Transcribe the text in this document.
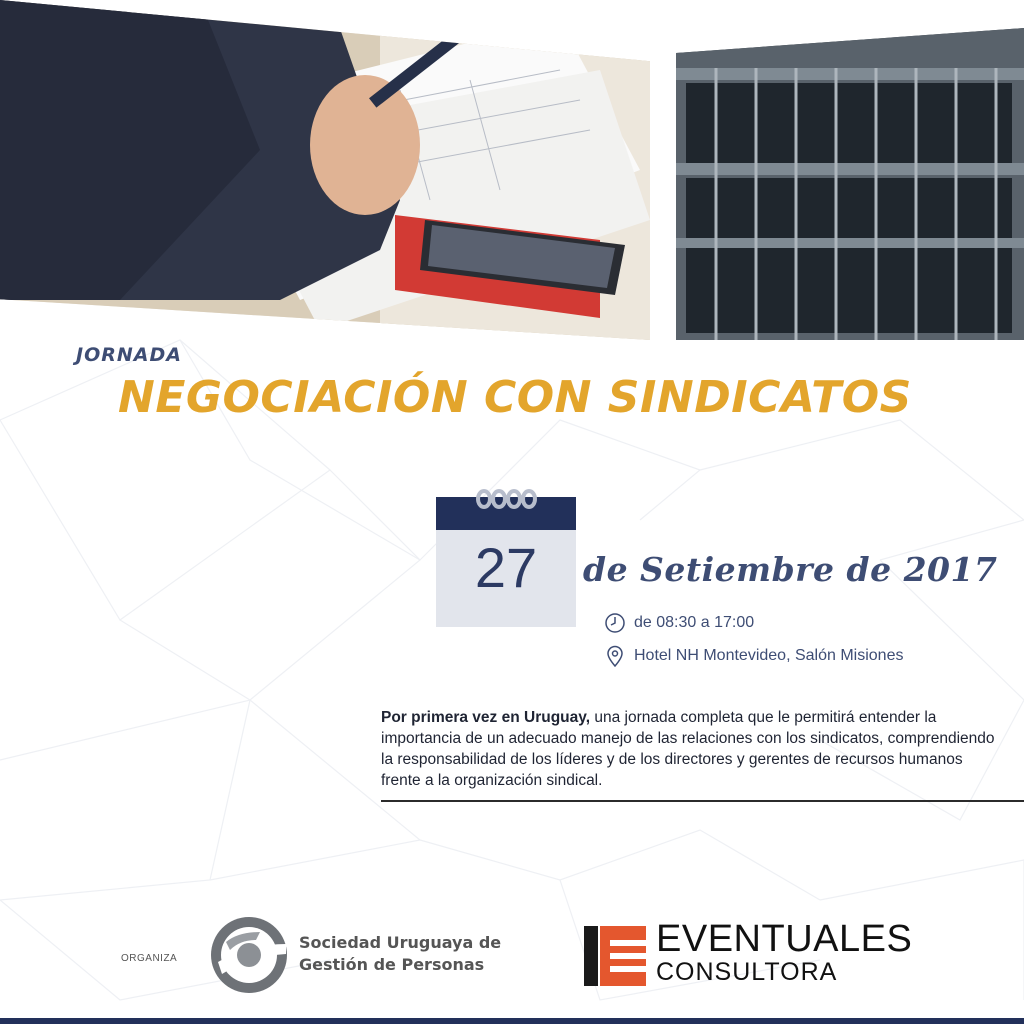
JORNADA
NEGOCIACIÓN CON SINDICATOS
27	de Setiembre de 2017
de 08:30 a 17:00
Hotel NH Montevideo, Salón Misiones
Por primera vez en Uruguay, una jornada completa que le permitirá entender la importancia de un adecuado manejo de las relaciones con los sindicatos, comprendiendo la responsabilidad de los líderes y de los directores y gerentes de recursos humanos frente a la organización sindical.
ORGANIZA
Sociedad Uruguaya de
Gestión de Personas
EVENTUALES
CONSULTORA
